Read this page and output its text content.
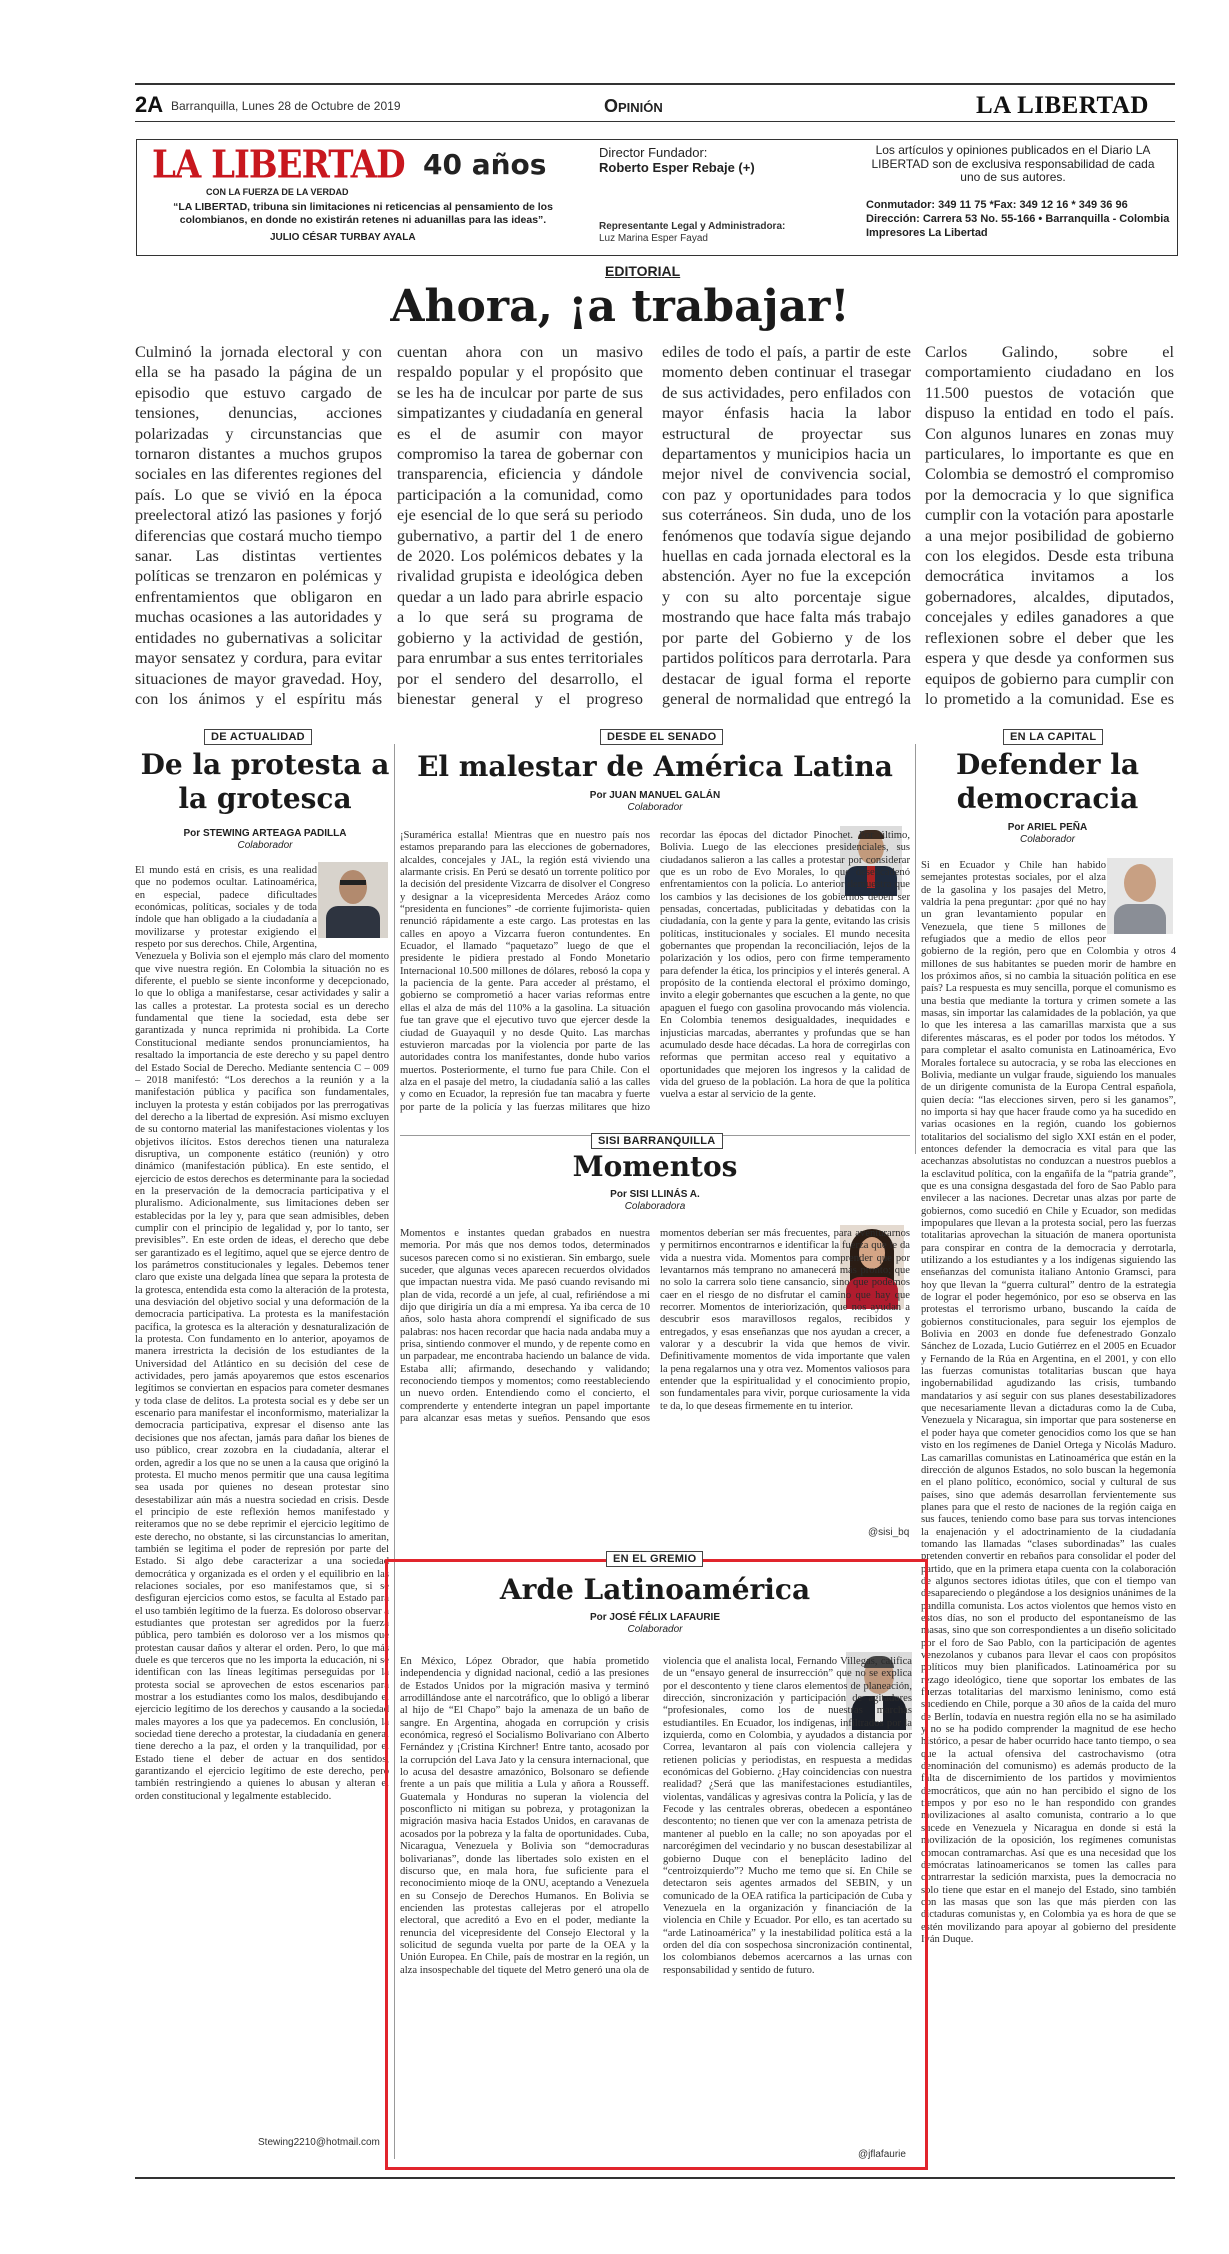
2A Barranquilla, Lunes 28 de Octubre de 2019	Opinión	LA LIBERTAD
LA LIBERTAD 40 años
CON LA FUERZA DE LA VERDAD
“LA LIBERTAD, tribuna sin limitaciones ni reticencias al pensamiento de los colombianos, en donde no existirán retenes ni aduanillas para las ideas”.
JULIO CÉSAR TURBAY AYALA
Director Fundador:
Roberto Esper Rebaje (+)
Representante Legal y Administradora:
Luz Marina Esper Fayad
Los artículos y opiniones publicados en el Diario LA LIBERTAD son de exclusiva responsabilidad de cada uno de sus autores.
Conmutador: 349 11 75 *Fax: 349 12 16 * 349 36 96
Dirección: Carrera 53 No. 55-166 • Barranquilla - Colombia
Impresores La Libertad
EDITORIAL
Ahora, ¡a trabajar!
Culminó la jornada electoral y con ella se ha pasado la página de un episodio que estuvo cargado de tensiones, denuncias, acciones polarizadas y circunstancias que tornaron distantes a muchos grupos sociales en las diferentes regiones del país. Lo que se vivió en la época preelectoral atizó las pasiones y forjó diferencias que costará mucho tiempo sanar. Las distintas vertientes políticas se trenzaron en polémicas y enfrentamientos que obligaron en muchas ocasiones a las autoridades y entidades no gubernativas a solicitar mayor sensatez y cordura, para evitar situaciones de mayor gravedad. Hoy, con los ánimos y el espíritu más
cuentan ahora con un masivo respaldo popular y el propósito que se les ha de inculcar por parte de sus simpatizantes y ciudadanía en general es el de asumir con mayor compromiso la tarea de gobernar con transparencia, eficiencia y dándole participación a la comunidad, como eje esencial de lo que será su periodo gubernativo, a partir del 1 de enero de 2020. Los polémicos debates y la rivalidad grupista e ideológica deben quedar a un lado para abrirle espacio a lo que será su programa de gobierno y la actividad de gestión, para enrumbar a sus entes territoriales por el sendero del desarrollo, el bienestar general y el progreso
ediles de todo el país, a partir de este momento deben continuar el trasegar de sus actividades, pero enfilados con mayor énfasis hacia la labor estructural de proyectar sus departamentos y municipios hacia un mejor nivel de convivencia social, con paz y oportunidades para todos sus coterráneos. Sin duda, uno de los fenómenos que todavía sigue dejando huellas en cada jornada electoral es la abstención. Ayer no fue la excepción y con su alto porcentaje sigue mostrando que hace falta más trabajo por parte del Gobierno y de los partidos políticos para derrotarla. Para destacar de igual forma el reporte general de normalidad que entregó la
Carlos Galindo, sobre el comportamiento ciudadano en los 11.500 puestos de votación que dispuso la entidad en todo el país. Con algunos lunares en zonas muy particulares, lo importante es que en Colombia se demostró el compromiso por la democracia y lo que significa cumplir con la votación para apostarle a una mejor posibilidad de gobierno con los elegidos. Desde esta tribuna democrática invitamos a los gobernadores, alcaldes, diputados, concejales y ediles ganadores a que reflexionen sobre el deber que les espera y que desde ya conformen sus equipos de gobierno para cumplir con lo prometido a la comunidad. Ese es
DE ACTUALIDAD
De la protesta a la grotesca
Por STEWING ARTEAGA PADILLA
Colaborador

El mundo está en crisis, es una realidad que no podemos ocultar. Latinoamérica, en especial, padece dificultades económicas, políticas, sociales y de toda índole que han obligado a la ciudadanía a movilizarse y protestar exigiendo el respeto por sus derechos. Chile, Argentina, Venezuela y Bolivia son el ejemplo más claro del momento que vive nuestra región. En Colombia la situación no es diferente, el pueblo se siente inconforme y decepcionado, lo que lo obliga a manifestarse, cesar actividades y salir a las calles a protestar. La protesta social es un derecho fundamental que tiene la sociedad, esta debe ser garantizada y nunca reprimida ni prohibida. La Corte Constitucional mediante sendos pronunciamientos, ha resaltado la importancia de este derecho y su papel dentro del Estado Social de Derecho. Mediante sentencia C – 009 – 2018 manifestó: “Los derechos a la reunión y a la manifestación pública y pacífica son fundamentales, incluyen la protesta y están cobijados por las prerrogativas del derecho a la libertad de expresión. Así mismo excluyen de su contorno material las manifestaciones violentas y los objetivos ilícitos. Estos derechos tienen una naturaleza disruptiva, un componente estático (reunión) y otro dinámico (manifestación pública). En este sentido, el ejercicio de estos derechos es determinante para la sociedad en la preservación de la democracia participativa y el pluralismo. Adicionalmente, sus limitaciones deben ser establecidas por la ley y, para que sean admisibles, deben cumplir con el principio de legalidad y, por lo tanto, ser previsibles”. En este orden de ideas, el derecho que debe ser garantizado es el legítimo, aquel que se ejerce dentro de los parámetros constitucionales y legales. Debemos tener claro que existe una delgada línea que separa la protesta de la grotesca, entendida esta como la alteración de la protesta, una desviación del objetivo social y una deformación de la democracia participativa. La protesta es la manifestación pacífica, la grotesca es la alteración y desnaturalización de la protesta. Con fundamento en lo anterior, apoyamos de manera irrestricta la decisión de los estudiantes de la Universidad del Atlántico en su decisión del cese de actividades, pero jamás apoyaremos que estos escenarios legítimos se conviertan en espacios para cometer desmanes y toda clase de delitos. La protesta social es y debe ser un escenario para manifestar el inconformismo, materializar la democracia participativa, expresar el disenso ante las decisiones que nos afectan, jamás para dañar los bienes de uso público, crear zozobra en la ciudadanía, alterar el orden, agredir a los que no se unen a la causa que originó la protesta. El mucho menos permitir que una causa legítima sea usada por quienes no desean protestar sino desestabilizar aún más a nuestra sociedad en crisis. Desde el principio de este reflexión hemos manifestado y reiteramos que no se debe reprimir el ejercicio legítimo de este derecho, no obstante, si las circunstancias lo ameritan, también se legitima el poder de represión por parte del Estado. Si algo debe caracterizar a una sociedad democrática y organizada es el orden y el equilibrio en las relaciones sociales, por eso manifestamos que, si se desfiguran ejercicios como estos, se faculta al Estado para el uso también legítimo de la fuerza. Es doloroso observar a estudiantes que protestan ser agredidos por la fuerza pública, pero también es doloroso ver a los mismos que protestan causar daños y alterar el orden. Pero, lo que más duele es que terceros que no les importa la educación, ni se identifican con las líneas legítimas perseguidas por la protesta social se aprovechen de estos escenarios para mostrar a los estudiantes como los malos, desdibujando el ejercicio legítimo de los derechos y causando a la sociedad males mayores a los que ya padecemos. En conclusión, la sociedad tiene derecho a protestar, la ciudadanía en general tiene derecho a la paz, el orden y la tranquilidad, por el Estado tiene el deber de actuar en dos sentidos, garantizando el ejercicio legítimo de este derecho, pero también restringiendo a quienes lo abusan y alteran el orden constitucional y legalmente establecido.

Stewing2210@hotmail.com
DESDE EL SENADO
El malestar de América Latina
Por JUAN MANUEL GALÁN
Colaborador

¡Suramérica estalla! Mientras que en nuestro país nos estamos preparando para las elecciones de gobernadores, alcaldes, concejales y JAL, la región está viviendo una alarmante crisis. En Perú se desató un torrente político por la decisión del presidente Vizcarra de disolver el Congreso y designar a la vicepresidenta Mercedes Aráoz como “presidenta en funciones” -de corriente fujimorista- quien renunció rápidamente a este cargo. Las protestas en las calles en apoyo a Vizcarra fueron contundentes. En Ecuador, el llamado “paquetazo” luego de que el presidente le pidiera prestado al Fondo Monetario Internacional 10.500 millones de dólares, rebosó la copa y la paciencia de la gente. Para acceder al préstamo, el gobierno se comprometió a hacer varias reformas entre ellas el alza de más del 110% a la gasolina. La situación fue tan grave que el ejecutivo tuvo que ejercer desde la ciudad de Guayaquil y no desde Quito. Las marchas estuvieron marcadas por la violencia por parte de las autoridades contra los manifestantes, donde hubo varios muertos. Posteriormente, el turno fue para Chile. Con el alza en el pasaje del metro, la ciudadanía salió a las calles y como en Ecuador, la represión fue tan macabra y fuerte por parte de la policía y las fuerzas militares que hizo recordar las épocas del dictador Pinochet. Por último, Bolivia. Luego de las elecciones presidenciales, sus ciudadanos salieron a las calles a protestar por considerar que es un robo de Evo Morales, lo que desencadenó enfrentamientos con la policía. Lo anterior demuestra que los cambios y las decisiones de los gobiernos deben ser pensadas, concertadas, publicitadas y debatidas con la ciudadanía, con la gente y para la gente, evitando las crisis políticas, institucionales y sociales. El mundo necesita gobernantes que propendan la reconciliación, lejos de la polarización y los odios, pero con firme temperamento para defender la ética, los principios y el interés general. A propósito de la contienda electoral el próximo domingo, invito a elegir gobernantes que escuchen a la gente, no que apaguen el fuego con gasolina provocando más violencia. En Colombia tenemos desigualdades, inequidades e injusticias marcadas, aberrantes y profundas que se han acumulado desde hace décadas. La hora de corregirlas con reformas que permitan acceso real y equitativo a oportunidades que mejoren los ingresos y la calidad de vida del grueso de la población. La hora de que la política vuelva a estar al servicio de la gente.

SISI BARRANQUILLA
Momentos
Por SISI LLINÁS A.
Colaboradora

Momentos e instantes quedan grabados en nuestra memoria. Por más que nos demos todos, determinados sucesos parecen como si no existieran. Sin embargo, suele suceder, que algunas veces aparecen recuerdos olvidados que impactan nuestra vida. Me pasó cuando revisando mi plan de vida, recordé a un jefe, al cual, refiriéndose a mi dijo que dirigiría un día a mi empresa. Ya iba cerca de 10 años, solo hasta ahora comprendí el significado de sus palabras: nos hacen recordar que hacia nada andaba muy a prisa, sintiendo conmover el mundo, y de repente como en un parpadear, me encontraba haciendo un balance de vida. Estaba allí; afirmando, desechando y validando; reconociendo tiempos y momentos; como reestableciendo un nuevo orden. Entendiendo como el concierto, el comprenderte y entenderte integran un papel importante para alcanzar esas metas y sueños. Pensando que esos momentos deberían ser más frecuentes, para aventurarnos y permitirnos encontrarnos e identificar la fuerza que le da vida a nuestra vida. Momentos para comprender que por levantarnos más temprano no amanecerá más pronto; que no solo la carrera solo tiene cansancio, sino que podemos caer en el riesgo de no disfrutar el camino que hay que recorrer. Momentos de interiorización, que nos ayudan a descubrir esos maravillosos regalos, recibidos y entregados, y esas enseñanzas que nos ayudan a crecer, a valorar y a descubrir la vida que hemos de vivir. Definitivamente momentos de vida importante que valen la pena regalarnos una y otra vez. Momentos valiosos para entender que la espiritualidad y el conocimiento propio, son fundamentales para vivir, porque curiosamente la vida te da, lo que deseas firmemente en tu interior.

@sisi_bq
EN LA CAPITAL
Defender la democracia
Por ARIEL PEÑA
Colaborador

Si en Ecuador y Chile han habido semejantes protestas sociales, por el alza de la gasolina y los pasajes del Metro, valdría la pena preguntar: ¿por qué no hay un gran levantamiento popular en Venezuela, que tiene 5 millones de refugiados que a medio de ellos peor gobierno de la región, pero que en Colombia y otros 4 millones de sus habitantes se pueden morir de hambre en los próximos años, si no cambia la situación política en ese país? La respuesta es muy sencilla, porque el comunismo es una bestia que mediante la tortura y crimen somete a las masas, sin importar las calamidades de la población, ya que lo que les interesa a las camarillas marxista que a sus diferentes máscaras, es el poder por todos los métodos. Y para completar el asalto comunista en Latinoamérica, Evo Morales fortalece su autocracia, y se roba las elecciones en Bolivia, mediante un vulgar fraude, siguiendo los manuales de un dirigente comunista de la Europa Central española, quien decía: “las elecciones sirven, pero si les ganamos”, no importa si hay que hacer fraude como ya ha sucedido en varias ocasiones en la región, cuando los gobiernos totalitarios del socialismo del siglo XXI están en el poder, entonces defender la democracia es vital para que las acechanzas absolutistas no conduzcan a nuestros pueblos a la esclavitud política, con la engañifa de la “patria grande”, que es una consigna desgastada del foro de Sao Pablo para envilecer a las naciones. Decretar unas alzas por parte de gobiernos, como sucedió en Chile y Ecuador, son medidas impopulares que llevan a la protesta social, pero las fuerzas totalitarias aprovechan la situación de manera oportunista para conspirar en contra de la democracia y derrotarla, utilizando a los estudiantes y a los indígenas siguiendo las enseñanzas del comunista italiano Antonio Gramsci, para hoy que llevan la “guerra cultural” dentro de la estrategia de lograr el poder hegemónico, por eso se observa en las protestas el terrorismo urbano, buscando la caída de gobiernos constitucionales, para seguir los ejemplos de Bolivia en 2003 en donde fue defenestrado Gonzalo Sánchez de Lozada, Lucio Gutiérrez en el 2005 en Ecuador y Fernando de la Rúa en Argentina, en el 2001, y con ello las fuerzas comunistas totalitarias buscan que haya ingobernabilidad agudizando las crisis, tumbando mandatarios y así seguir con sus planes desestabilizadores que necesariamente llevan a dictaduras como la de Cuba, Venezuela y Nicaragua, sin importar que para sostenerse en el poder haya que cometer genocidios como los que se han visto en los regímenes de Daniel Ortega y Nicolás Maduro. Las camarillas comunistas en Latinoamérica que están en la dirección de algunos Estados, no solo buscan la hegemonía en el plano político, económico, social y cultural de sus países, sino que además desarrollan fervientemente sus planes para que el resto de naciones de la región caiga en sus fauces, teniendo como base para sus torvas intenciones la enajenación y el adoctrinamiento de la ciudadanía tomando las llamadas “clases subordinadas” las cuales pretenden convertir en rebaños para consolidar el poder del partido, que en la primera etapa cuenta con la colaboración de algunos sectores idiotas útiles, que con el tiempo van desapareciendo o plegándose a los designios unánimes de la pandilla comunista. Los actos violentos que hemos visto en estos días, no son el producto del espontaneísmo de las masas, sino que son correspondientes a un diseño solicitado por el foro de Sao Pablo, con la participación de agentes venezolanos y cubanos para llevar el caos con propósitos políticos muy bien planificados. Latinoamérica por su rezago ideológico, tiene que soportar los embates de las fuerzas totalitarias del marxismo leninismo, como está sucediendo en Chile, porque a 30 años de la caída del muro de Berlín, todavía en nuestra región ella no se ha asimilado y no se ha podido comprender la magnitud de ese hecho histórico, a pesar de haber ocurrido hace tanto tiempo, o sea que la actual ofensiva del castrochavismo (otra denominación del comunismo) es además producto de la falta de discernimiento de los partidos y movimientos democráticos, que aún no han percibido el signo de los tiempos y por eso no le han respondido con grandes movilizaciones al asalto comunista, contrario a lo que sucede en Venezuela y Nicaragua en donde si está la movilización de la oposición, los regímenes comunistas comocan contramarchas. Así que es una necesidad que los demócratas latinoamericanos se tomen las calles para contrarrestar la sedición marxista, pues la democracia no solo tiene que estar en el manejo del Estado, sino también con las masas que son las que más pierden con las dictaduras comunistas y, en Colombia ya es hora de que se estén movilizando para apoyar al gobierno del presidente Iván Duque.

EN EL GREMIO
Arde Latinoamérica
Por JOSÉ FÉLIX LAFAURIE
Colaborador

En México, López Obrador, que había prometido independencia y dignidad nacional, cedió a las presiones de Estados Unidos por la migración masiva y terminó arrodillándose ante el narcotráfico, que lo obligó a liberar al hijo de “El Chapo” bajo la amenaza de un baño de sangre. En Argentina, ahogada en corrupción y crisis económica, regresó el Socialismo Bolivariano con Alberto Fernández y ¡Cristina Kirchner! Entre tanto, acosado por la corrupción del Lava Jato y la censura internacional, que lo acusa del desastre amazónico, Bolsonaro se defiende frente a un país que militia a Lula y añora a Rousseff. Guatemala y Honduras no superan la violencia del posconflicto ni mitigan su pobreza, y protagonizan la migración masiva hacia Estados Unidos, en caravanas de acosados por la pobreza y la falta de oportunidades. Cuba, Nicaragua, Venezuela y Bolivia son “democraduras bolivarianas”, donde las libertades solo existen en el discurso que, en mala hora, fue suficiente para el reconocimiento mioqe de la ONU, aceptando a Venezuela en su Consejo de Derechos Humanos. En Bolivia se encienden las protestas callejeras por el atropello electoral, que acreditó a Evo en el poder, mediante la renuncia del vicepresidente del Consejo Electoral y la solicitud de segunda vuelta por parte de la OEA y la Unión Europea. En Chile, país de mostrar en la región, un alza insospechable del tiquete del Metro generó una ola de violencia que el analista local, Fernando Villegas, califica de un “ensayo general de insurrección” que no se explica por el descontento y tiene claros elementos de planeación, dirección, sincronización y participación de agitadores “profesionales, como los de nuestras marchas estudiantiles. En Ecuador, los indígenas, infiltrados por la izquierda, como en Colombia, y ayudados a distancia por Correa, levantaron al país con violencia callejera y retienen policías y periodistas, en respuesta a medidas económicas del Gobierno. ¿Hay coincidencias con nuestra realidad? ¿Será que las manifestaciones estudiantiles, violentas, vandálicas y agresivas contra la Policía, y las de Fecode y las centrales obreras, obedecen a espontáneo descontento; no tienen que ver con la amenaza petrista de mantener al pueblo en la calle; no son apoyadas por el narcorégimen del vecindario y no buscan desestabilizar al gobierno Duque con el beneplácito ladino del “centroizquierdo”? Mucho me temo que sí. En Chile se detectaron seis agentes armados del SEBIN, y un comunicado de la OEA ratifica la participación de Cuba y Venezuela en la organización y financiación de la violencia en Chile y Ecuador. Por ello, es tan acertado su “arde Latinoamérica” y la inestabilidad política está a la orden del día con sospechosa sincronización continental, los colombianos debemos acercarnos a las urnas con responsabilidad y sentido de futuro.

@jflafaurie
